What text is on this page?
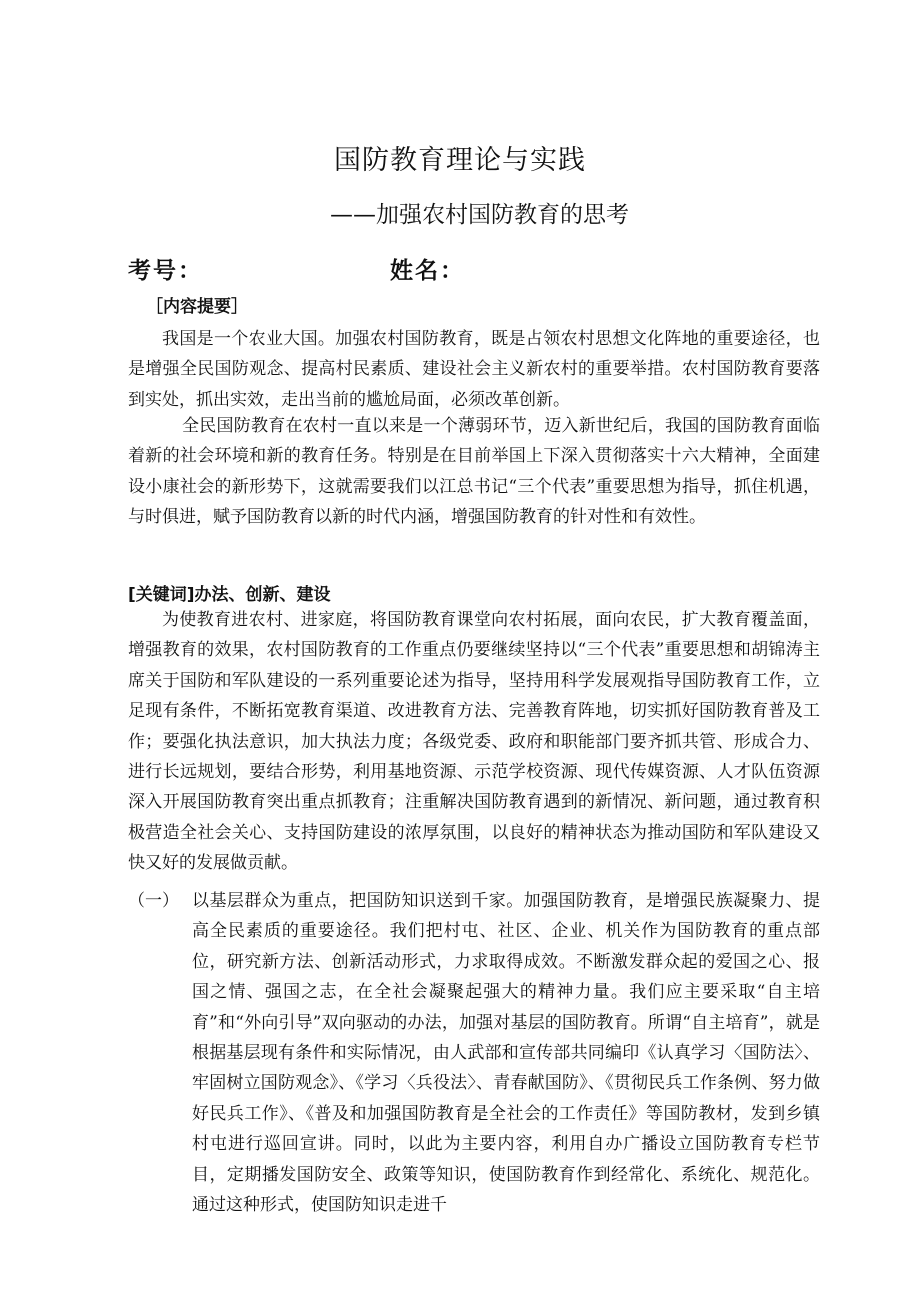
国防教育理论与实践
——加强农村国防教育的思考
考号：	姓名：
［内容提要］

我国是一个农业大国。加强农村国防教育，既是占领农村思想文化阵地的重要途径，也是增强全民国防观念、提高村民素质、建设社会主义新农村的重要举措。农村国防教育要落到实处，抓出实效，走出当前的尴尬局面，必须改革创新。

全民国防教育在农村一直以来是一个薄弱环节，迈入新世纪后，我国的国防教育面临着新的社会环境和新的教育任务。特别是在目前举国上下深入贯彻落实十六大精神，全面建设小康社会的新形势下，这就需要我们以江总书记“三个代表”重要思想为指导，抓住机遇，与时俱进，赋予国防教育以新的时代内涵，增强国防教育的针对性和有效性。

[关键词]办法、创新、建设

为使教育进农村、进家庭，将国防教育课堂向农村拓展，面向农民，扩大教育覆盖面，增强教育的效果，农村国防教育的工作重点仍要继续坚持以“三个代表”重要思想和胡锦涛主席关于国防和军队建设的一系列重要论述为指导，坚持用科学发展观指导国防教育工作，立足现有条件，不断拓宽教育渠道、改进教育方法、完善教育阵地，切实抓好国防教育普及工作；要强化执法意识，加大执法力度；各级党委、政府和职能部门要齐抓共管、形成合力、进行长远规划，要结合形势，利用基地资源、示范学校资源、现代传媒资源、人才队伍资源深入开展国防教育突出重点抓教育；注重解决国防教育遇到的新情况、新问题，通过教育积极营造全社会关心、支持国防建设的浓厚氛围，以良好的精神状态为推动国防和军队建设又快又好的发展做贡献。

（一） 以基层群众为重点，把国防知识送到千家。加强国防教育，是增强民族凝聚力、提高全民素质的重要途径。我们把村屯、社区、企业、机关作为国防教育的重点部位，研究新方法、创新活动形式，力求取得成效。不断激发群众起的爱国之心、报国之情、强国之志，在全社会凝聚起强大的精神力量。我们应主要采取“自主培育”和“外向引导”双向驱动的办法，加强对基层的国防教育。所谓“自主培育”，就是根据基层现有条件和实际情况，由人武部和宣传部共同编印《认真学习〈国防法〉、牢固树立国防观念》、《学习〈兵役法〉、青春献国防》、《贯彻民兵工作条例、努力做好民兵工作》、《普及和加强国防教育是全社会的工作责任》等国防教材，发到乡镇村屯进行巡回宣讲。同时，以此为主要内容，利用自办广播设立国防教育专栏节目，定期播发国防安全、政策等知识，使国防教育作到经常化、系统化、规范化。通过这种形式，使国防知识走进千
